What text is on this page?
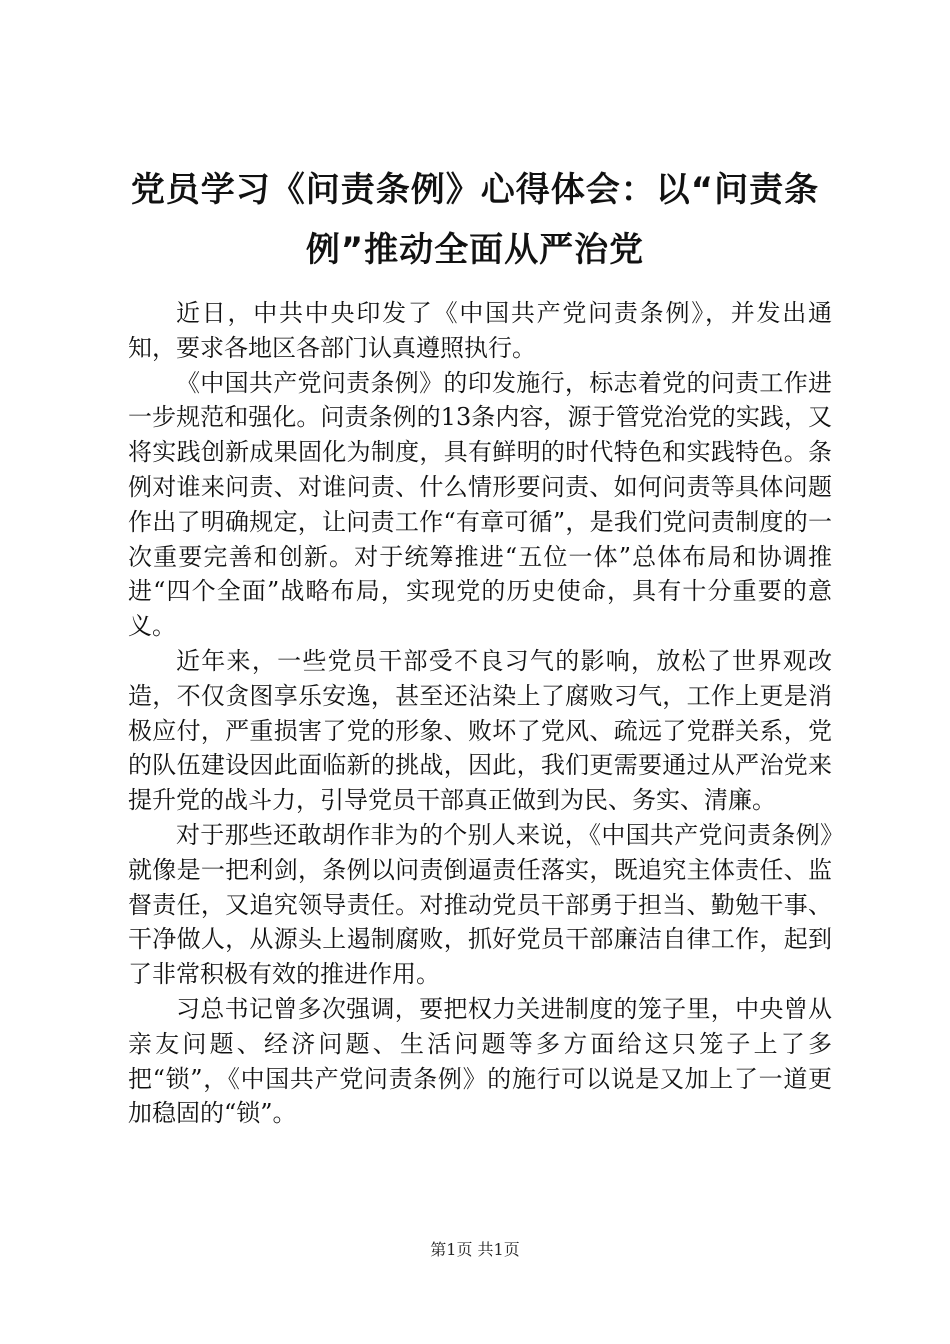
党员学习《问责条例》心得体会：以“问责条例”推动全面从严治党

近日，中共中央印发了《中国共产党问责条例》，并发出通知，要求各地区各部门认真遵照执行。

《中国共产党问责条例》的印发施行，标志着党的问责工作进一步规范和强化。问责条例的13条内容，源于管党治党的实践，又将实践创新成果固化为制度，具有鲜明的时代特色和实践特色。条例对谁来问责、对谁问责、什么情形要问责、如何问责等具体问题作出了明确规定，让问责工作“有章可循”，是我们党问责制度的一次重要完善和创新。对于统筹推进“五位一体”总体布局和协调推进“四个全面”战略布局，实现党的历史使命，具有十分重要的意义。

近年来，一些党员干部受不良习气的影响，放松了世界观改造，不仅贪图享乐安逸，甚至还沾染上了腐败习气，工作上更是消极应付，严重损害了党的形象、败坏了党风、疏远了党群关系，党的队伍建设因此面临新的挑战，因此，我们更需要通过从严治党来提升党的战斗力，引导党员干部真正做到为民、务实、清廉。

对于那些还敢胡作非为的个别人来说，《中国共产党问责条例》就像是一把利剑，条例以问责倒逼责任落实，既追究主体责任、监督责任，又追究领导责任。对推动党员干部勇于担当、勤勉干事、干净做人，从源头上遏制腐败，抓好党员干部廉洁自律工作，起到了非常积极有效的推进作用。

习总书记曾多次强调，要把权力关进制度的笼子里，中央曾从亲友问题、经济问题、生活问题等多方面给这只笼子上了多把“锁”，《中国共产党问责条例》的施行可以说是又加上了一道更加稳固的“锁”。

第1页 共1页
